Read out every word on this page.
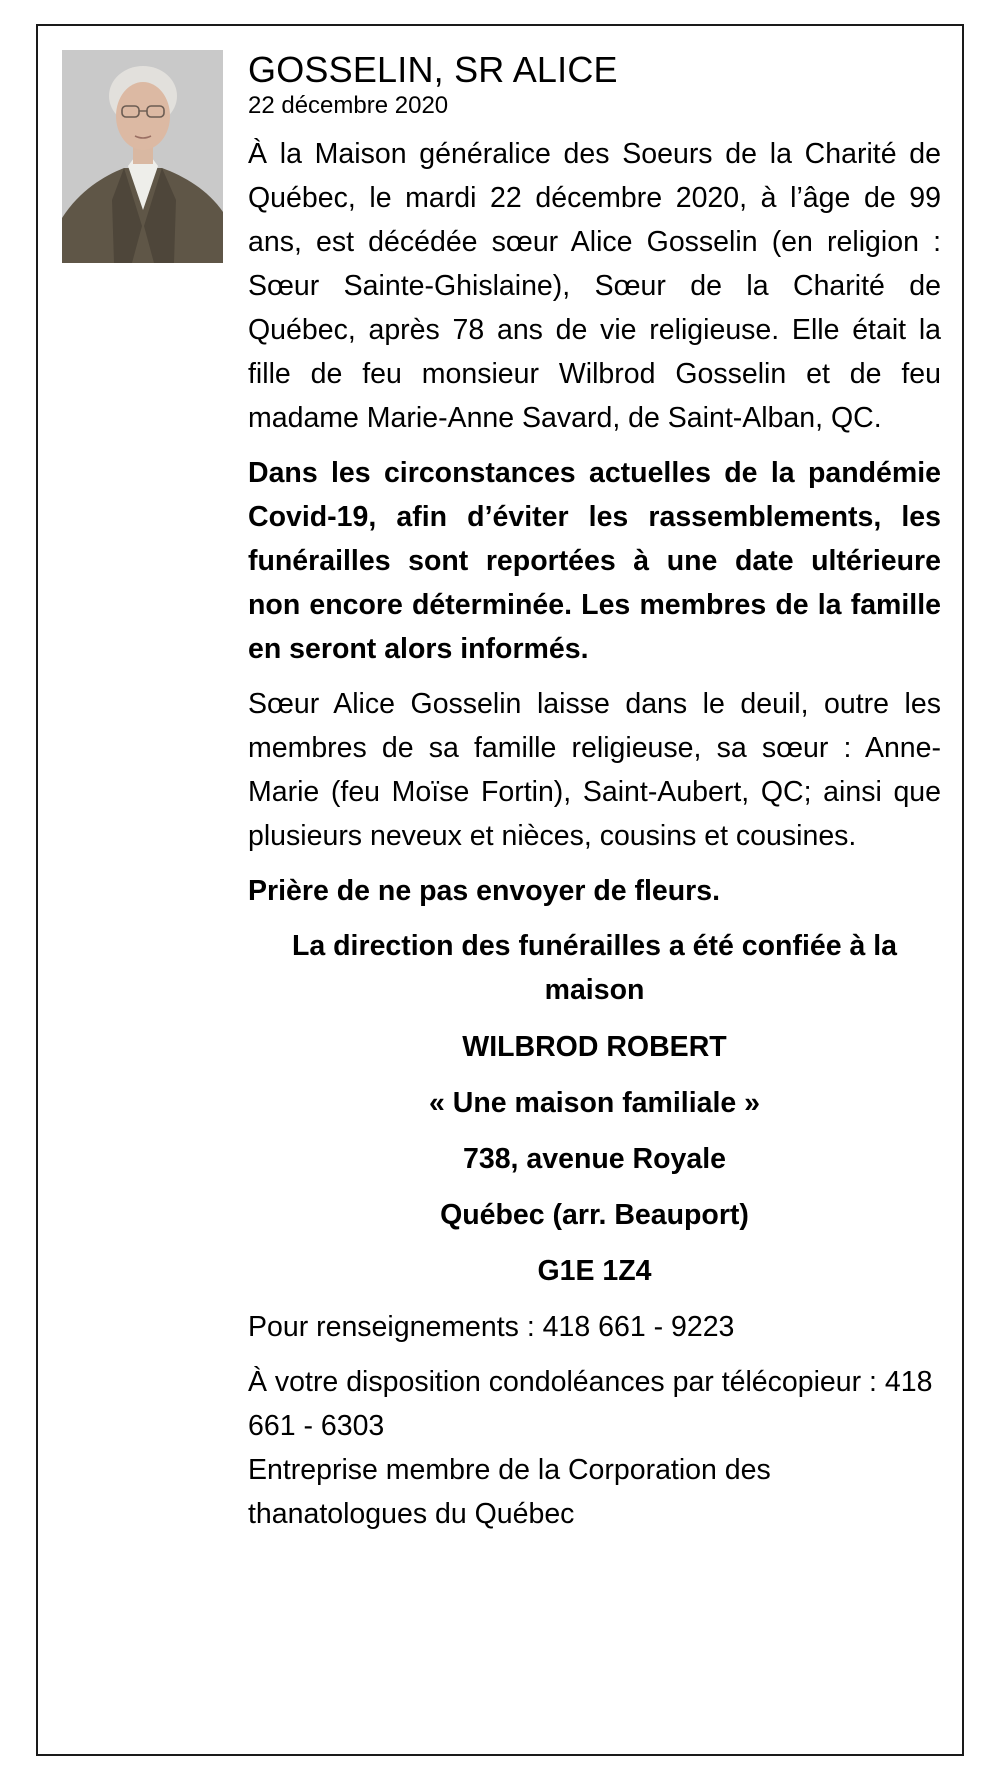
GOSSELIN, SR ALICE
22 décembre 2020

À la Maison généralice des Soeurs de la Charité de Québec, le mardi 22 décembre 2020, à l’âge de 99 ans, est décédée sœur Alice Gosselin (en religion : Sœur Sainte-Ghislaine), Sœur de la Charité de Québec, après 78 ans de vie religieuse. Elle était la fille de feu monsieur Wilbrod Gosselin et de feu madame Marie-Anne Savard, de Saint-Alban, QC.

Dans les circonstances actuelles de la pandémie Covid-19, afin d’éviter les rassemblements, les funérailles sont reportées à une date ultérieure non encore déterminée. Les membres de la famille en seront alors informés.

Sœur Alice Gosselin laisse dans le deuil, outre les membres de sa famille religieuse, sa sœur : Anne-Marie (feu Moïse Fortin), Saint-Aubert, QC; ainsi que plusieurs neveux et nièces, cousins et cousines.

Prière de ne pas envoyer de fleurs.

La direction des funérailles a été confiée à la maison
WILBROD ROBERT
« Une maison familiale »
738, avenue Royale
Québec (arr. Beauport)
G1E 1Z4
Pour renseignements : 418 661 - 9223
À votre disposition condoléances par télécopieur : 418 661 - 6303
Entreprise membre de la Corporation des thanatologues du Québec
